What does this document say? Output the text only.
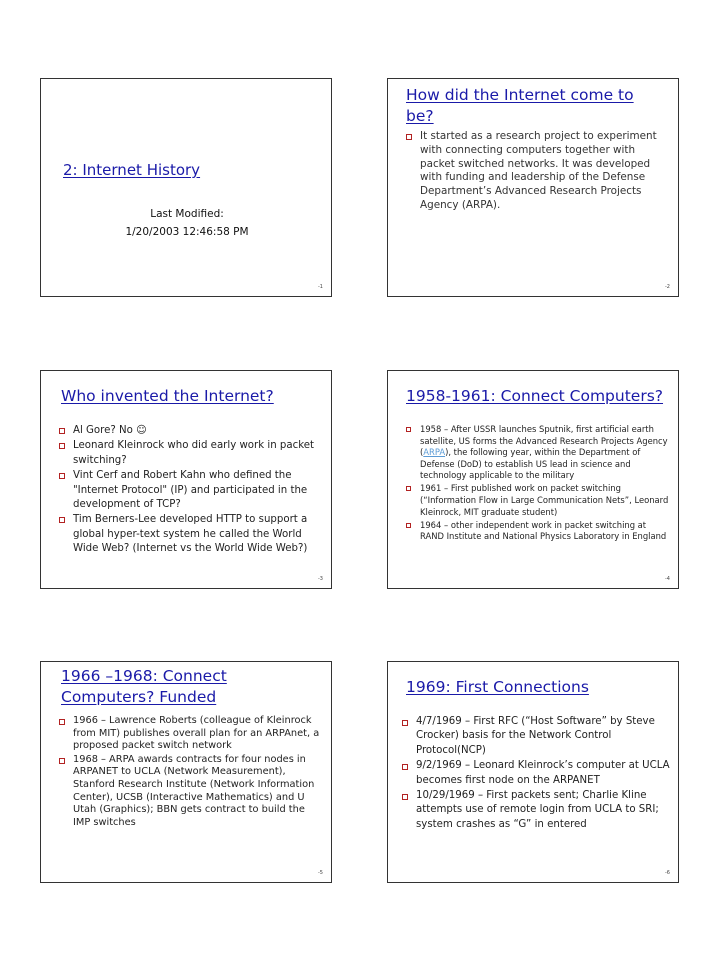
2: Internet History
Last Modified:
1/20/2003 12:46:58 PM
-1
How did the Internet come to be?
It started as a research project to experiment with connecting computers together with packet switched networks. It was developed with funding and leadership of the Defense Department’s Advanced Research Projects Agency (ARPA).
-2
Who invented the Internet?
Al Gore? No ☺
Leonard Kleinrock who did early work in packet switching?
Vint Cerf and Robert Kahn who defined the "Internet Protocol" (IP) and participated in the development of TCP?
Tim Berners-Lee developed HTTP to support a global hyper-text system he called the World Wide Web? (Internet vs the World Wide Web?)
-3
1958-1961: Connect Computers?
1958 – After USSR launches Sputnik, first artificial earth satellite, US forms the Advanced Research Projects Agency (ARPA), the following year, within the Department of Defense (DoD) to establish US lead in science and technology applicable to the military
1961 – First published work on packet switching (“Information Flow in Large Communication Nets”, Leonard Kleinrock, MIT graduate student)
1964 – other independent work in packet switching at RAND Institute and National Physics Laboratory in England
-4
1966 –1968: Connect Computers? Funded
1966 – Lawrence Roberts (colleague of Kleinrock from MIT) publishes overall plan for an ARPAnet, a proposed packet switch network
1968 – ARPA awards contracts for four nodes in ARPANET to UCLA (Network Measurement), Stanford Research Institute (Network Information Center), UCSB (Interactive Mathematics) and U Utah (Graphics); BBN gets contract to build the IMP switches
-5
1969: First Connections
4/7/1969 – First RFC (“Host Software” by Steve Crocker) basis for the Network Control Protocol(NCP)
9/2/1969 – Leonard Kleinrock’s computer at UCLA becomes first node on the ARPANET
10/29/1969 – First packets sent; Charlie Kline attempts use of remote login from UCLA to SRI; system crashes as “G” in entered
-6
